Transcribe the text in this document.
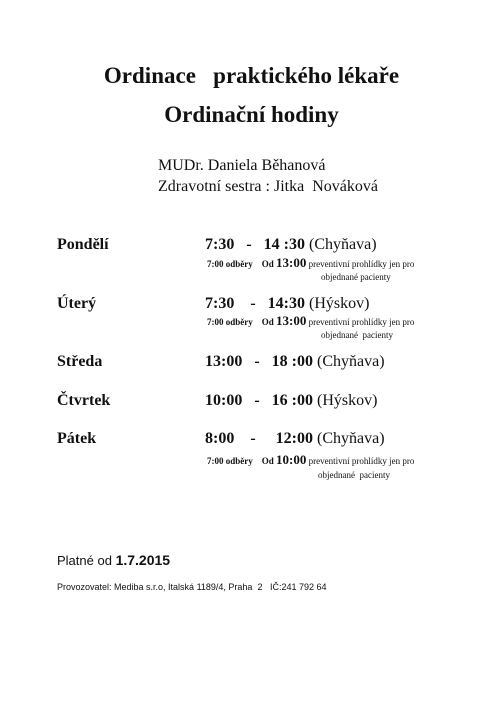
Ordinace   praktického lékaře
Ordinační hodiny
MUDr. Daniela Běhanová
Zdravotní sestra : Jitka  Nováková
Pondělí	7:30   -   14 :30 (Chyňava)
7:00 odběry    Od 13:00 preventivní prohlídky jen pro
objednané pacienty
Úterý	7:30    -   14:30 (Hýskov)
7:00 odběry    Od 13:00 preventivní prohlídky jen pro
objednané  pacienty
Středa	13:00   -   18 :00 (Chyňava)
Čtvrtek	10:00   -   16 :00 (Hýskov)
Pátek	8:00    -     12:00 (Chyňava)
7:00 odběry    Od 10:00 preventivní prohlídky jen pro
objednané  pacienty
Platné od 1.7.2015
Provozovatel: Mediba s.r.o, Italská 1189/4, Praha  2   IČ:241 792 64
